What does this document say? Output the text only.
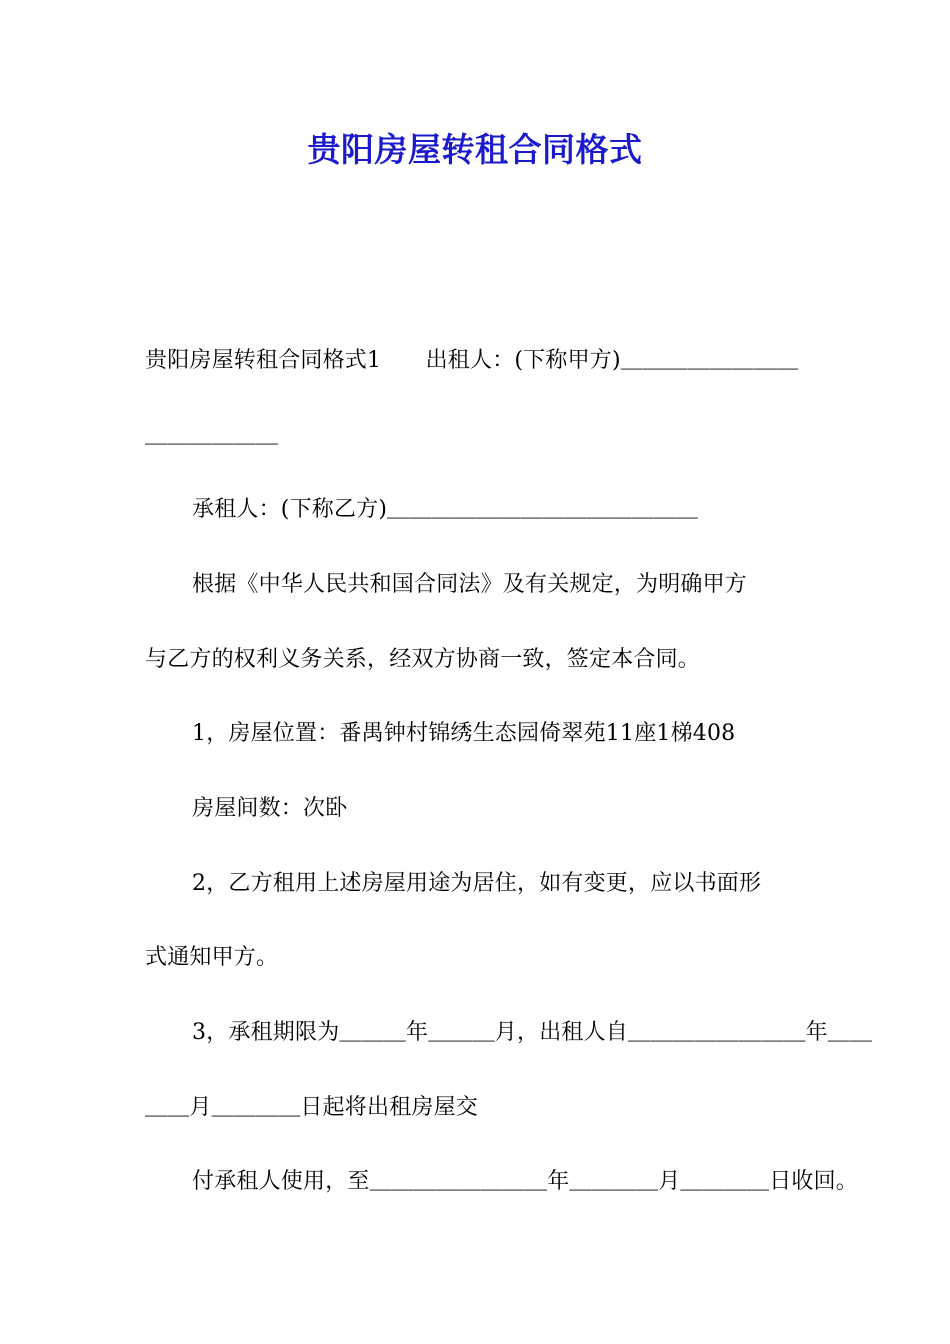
贵阳房屋转租合同格式
贵阳房屋转租合同格式1　　出租人：(下称甲方)＿＿＿＿＿＿＿＿
＿＿＿＿＿＿
承租人：(下称乙方)＿＿＿＿＿＿＿＿＿＿＿＿＿＿
根据《中华人民共和国合同法》及有关规定，为明确甲方
与乙方的权利义务关系，经双方协商一致，签定本合同。
1，房屋位置：番禺钟村锦绣生态园倚翠苑11座1梯408
房屋间数：次卧
2，乙方租用上述房屋用途为居住，如有变更，应以书面形
式通知甲方。
3，承租期限为＿＿＿年＿＿＿月，出租人自＿＿＿＿＿＿＿＿年＿＿
＿＿月＿＿＿＿日起将出租房屋交
付承租人使用，至＿＿＿＿＿＿＿＿年＿＿＿＿月＿＿＿＿日收回。
